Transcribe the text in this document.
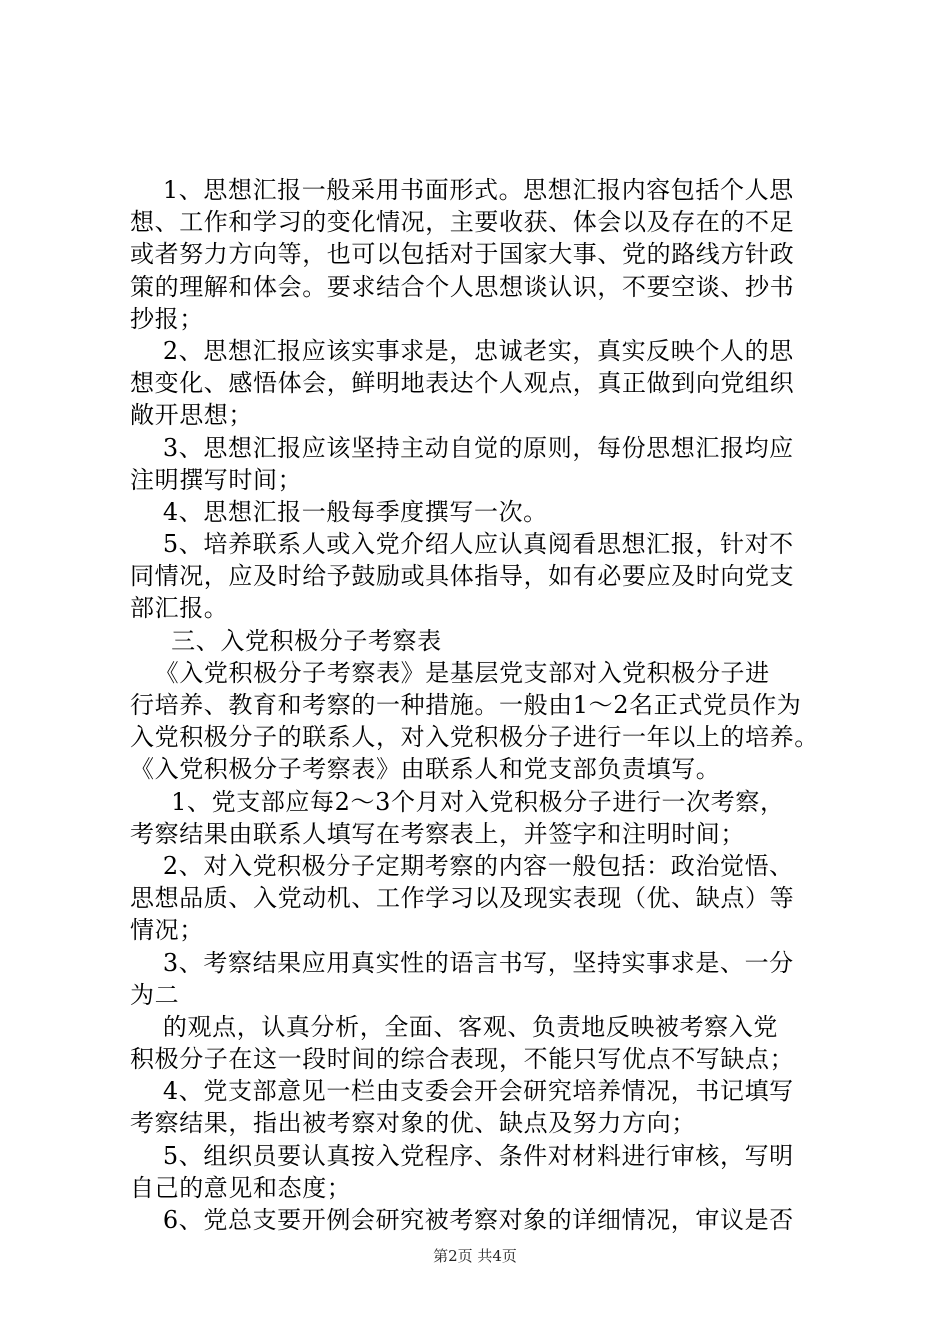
1、思想汇报一般采用书面形式。思想汇报内容包括个人思
想、工作和学习的变化情况，主要收获、体会以及存在的不足
或者努力方向等，也可以包括对于国家大事、党的路线方针政
策的理解和体会。要求结合个人思想谈认识，不要空谈、抄书
抄报；
2、思想汇报应该实事求是，忠诚老实，真实反映个人的思
想变化、感悟体会，鲜明地表达个人观点，真正做到向党组织
敞开思想；
3、思想汇报应该坚持主动自觉的原则，每份思想汇报均应
注明撰写时间；
4、思想汇报一般每季度撰写一次。
5、培养联系人或入党介绍人应认真阅看思想汇报，针对不
同情况，应及时给予鼓励或具体指导，如有必要应及时向党支
部汇报。
三、入党积极分子考察表
《入党积极分子考察表》是基层党支部对入党积极分子进
行培养、教育和考察的一种措施。一般由1～2名正式党员作为
入党积极分子的联系人，对入党积极分子进行一年以上的培养。
《入党积极分子考察表》由联系人和党支部负责填写。
1、党支部应每2～3个月对入党积极分子进行一次考察，
考察结果由联系人填写在考察表上，并签字和注明时间；
2、对入党积极分子定期考察的内容一般包括：政治觉悟、
思想品质、入党动机、工作学习以及现实表现（优、缺点）等
情况；
3、考察结果应用真实性的语言书写，坚持实事求是、一分
为二
的观点，认真分析，全面、客观、负责地反映被考察入党
积极分子在这一段时间的综合表现，不能只写优点不写缺点；
4、党支部意见一栏由支委会开会研究培养情况，书记填写
考察结果，指出被考察对象的优、缺点及努力方向；
5、组织员要认真按入党程序、条件对材料进行审核，写明
自己的意见和态度；
6、党总支要开例会研究被考察对象的详细情况，审议是否
第2页 共4页
